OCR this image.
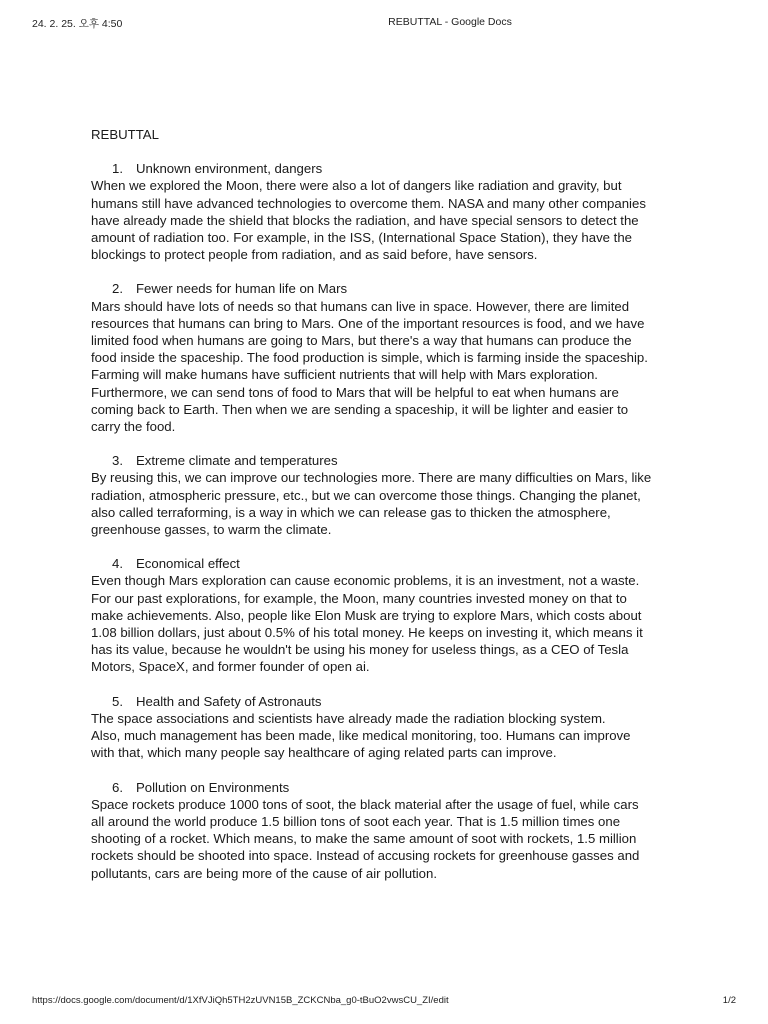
24. 2. 25. 오후 4:50	REBUTTAL - Google Docs

REBUTTAL

1. Unknown environment, dangers

When we explored the Moon, there were also a lot of dangers like radiation and gravity, but
humans still have advanced technologies to overcome them. NASA and many other companies
have already made the shield that blocks the radiation, and have special sensors to detect the
amount of radiation too. For example, in the ISS, (International Space Station), they have the
blockings to protect people from radiation, and as said before, have sensors.

2. Fewer needs for human life on Mars

Mars should have lots of needs so that humans can live in space. However, there are limited
resources that humans can bring to Mars. One of the important resources is food, and we have
limited food when humans are going to Mars, but there's a way that humans can produce the
food inside the spaceship. The food production is simple, which is farming inside the spaceship.
Farming will make humans have sufficient nutrients that will help with Mars exploration.
Furthermore, we can send tons of food to Mars that will be helpful to eat when humans are
coming back to Earth. Then when we are sending a spaceship, it will be lighter and easier to
carry the food.

3. Extreme climate and temperatures

By reusing this, we can improve our technologies more. There are many difficulties on Mars, like
radiation, atmospheric pressure, etc., but we can overcome those things. Changing the planet,
also called terraforming, is a way in which we can release gas to thicken the atmosphere,
greenhouse gasses, to warm the climate.

4. Economical effect

Even though Mars exploration can cause economic problems, it is an investment, not a waste.
For our past explorations, for example, the Moon, many countries invested money on that to
make achievements. Also, people like Elon Musk are trying to explore Mars, which costs about
1.08 billion dollars, just about 0.5% of his total money. He keeps on investing it, which means it
has its value, because he wouldn't be using his money for useless things, as a CEO of Tesla
Motors, SpaceX, and former founder of open ai.

5. Health and Safety of Astronauts

The space associations and scientists have already made the radiation blocking system.
Also, much management has been made, like medical monitoring, too. Humans can improve
with that, which many people say healthcare of aging related parts can improve.

6. Pollution on Environments

Space rockets produce 1000 tons of soot, the black material after the usage of fuel, while cars
all around the world produce 1.5 billion tons of soot each year. That is 1.5 million times one
shooting of a rocket. Which means, to make the same amount of soot with rockets, 1.5 million
rockets should be shooted into space. Instead of accusing rockets for greenhouse gasses and
pollutants, cars are being more of the cause of air pollution.

https://docs.google.com/document/d/1XfVJiQh5TH2zUVN15B_ZCKCNba_g0-tBuO2vwsCU_ZI/edit	1/2
